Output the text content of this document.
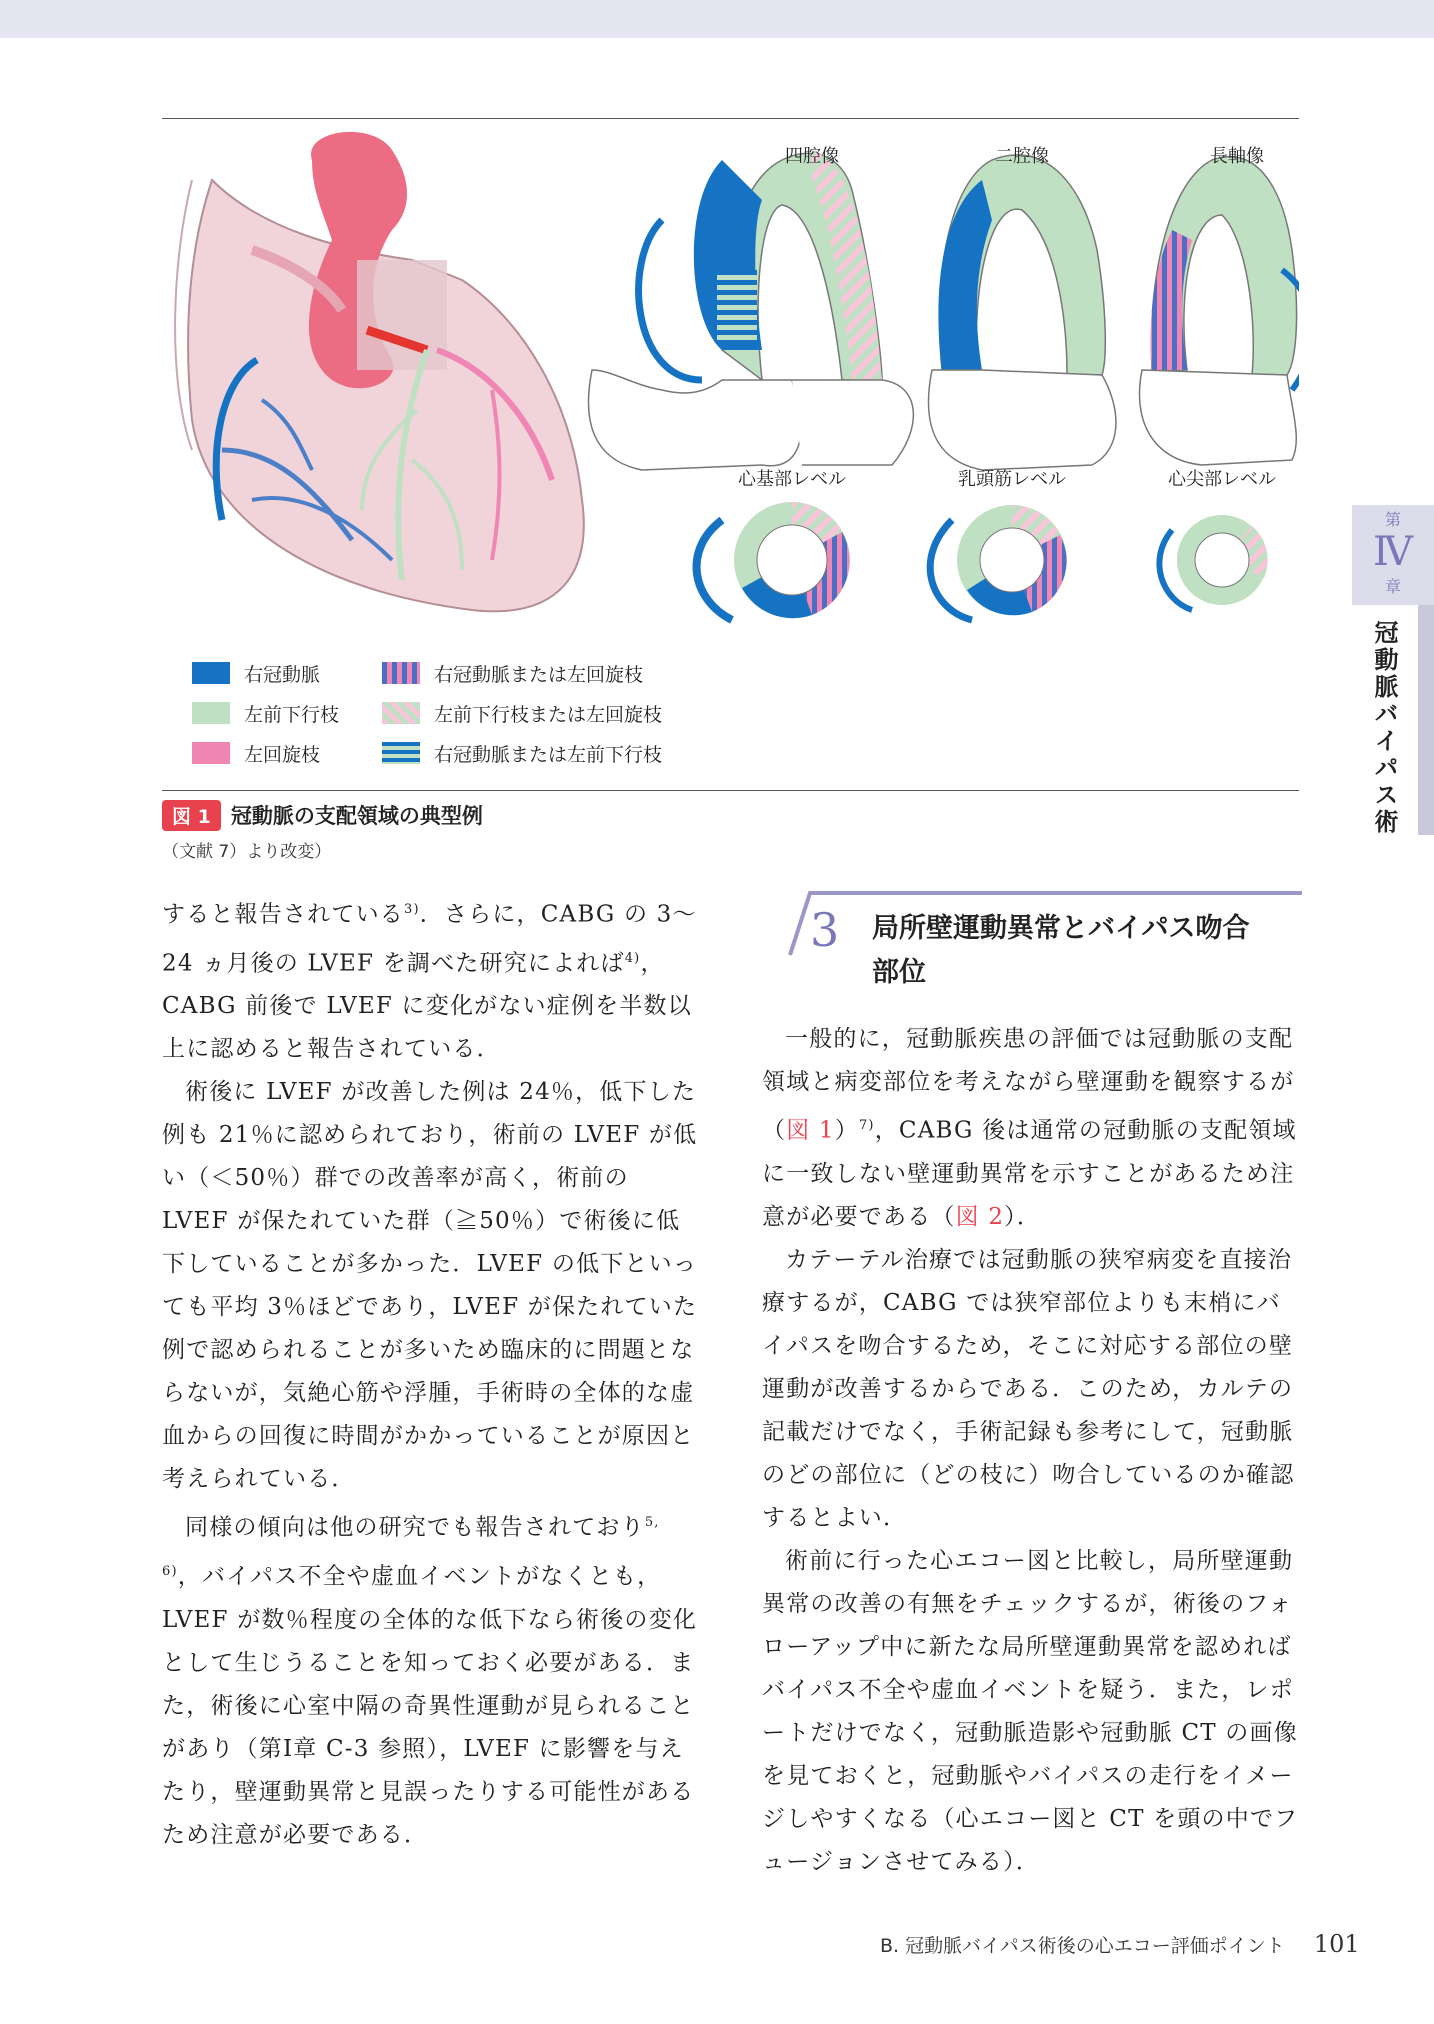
四腔像	二腔像	長軸像
心基部レベル	乳頭筋レベル	心尖部レベル
右冠動脈
左前下行枝
左回旋枝
右冠動脈または左回旋枝
左前下行枝または左回旋枝
右冠動脈または左前下行枝
図 1 冠動脈の支配領域の典型例
（文献 7）より改変）

すると報告されている$^{3)}$．さらに，CABG の 3～24 ヵ月後の LVEF を調べた研究によれば$^{4)}$，CABG 前後で LVEF に変化がない症例を半数以上に認めると報告されている．

術後に LVEF が改善した例は 24％，低下した例も 21％に認められており，術前の LVEF が低い（＜50％）群での改善率が高く，術前の LVEF が保たれていた群（≧50％）で術後に低下していることが多かった．LVEF の低下といっても平均 3％ほどであり，LVEF が保たれていた例で認められることが多いため臨床的に問題とならないが，気絶心筋や浮腫，手術時の全体的な虚血からの回復に時間がかかっていることが原因と考えられている．

同様の傾向は他の研究でも報告されており$^{5, 6)}$，バイパス不全や虚血イベントがなくとも，LVEF が数％程度の全体的な低下なら術後の変化として生じうることを知っておく必要がある．また，術後に心室中隔の奇異性運動が見られることがあり（第Ⅰ章 C-3 参照），LVEF に影響を与えたり，壁運動異常と見誤ったりする可能性があるため注意が必要である．

3 局所壁運動異常とバイパス吻合
部位

一般的に，冠動脈疾患の評価では冠動脈の支配領域と病変部位を考えながら壁運動を観察するが（図 1）$^{7)}$，CABG 後は通常の冠動脈の支配領域に一致しない壁運動異常を示すことがあるため注意が必要である（図 2）．

カテーテル治療では冠動脈の狭窄病変を直接治療するが，CABG では狭窄部位よりも末梢にバイパスを吻合するため，そこに対応する部位の壁運動が改善するからである．このため，カルテの記載だけでなく，手術記録も参考にして，冠動脈のどの部位に（どの枝に）吻合しているのか確認するとよい．

術前に行った心エコー図と比較し，局所壁運動異常の改善の有無をチェックするが，術後のフォローアップ中に新たな局所壁運動異常を認めればバイパス不全や虚血イベントを疑う．また，レポートだけでなく，冠動脈造影や冠動脈 CT の画像を見ておくと，冠動脈やバイパスの走行をイメージしやすくなる（心エコー図と CT を頭の中でフュージョンさせてみる）．

第
Ⅳ
章
冠動脈バイパス術
B. 冠動脈バイパス術後の心エコー評価ポイント 101
